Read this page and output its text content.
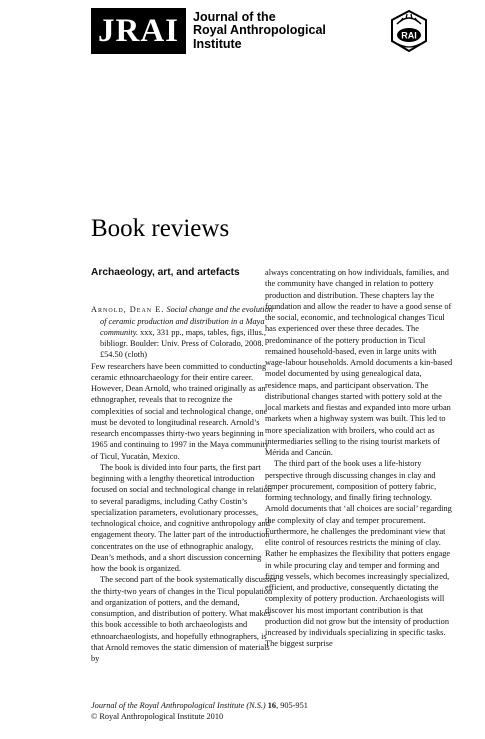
JRAI	Journal of the
Royal Anthropological
Institute
RAI
Book reviews
Archaeology, art, and artefacts

Arnold, Dean E. Social change and the evolution of ceramic production and distribution in a Maya community. xxx, 331 pp., maps, tables, figs, illus., bibliogr. Boulder: Univ. Press of Colorado, 2008. £54.50 (cloth)

Few researchers have been committed to conducting ceramic ethnoarchaeology for their entire career. However, Dean Arnold, who trained originally as an ethnographer, reveals that to recognize the complexities of social and technological change, one must be devoted to longitudinal research. Arnold’s research encompasses thirty-two years beginning in 1965 and continuing to 1997 in the Maya community of Ticul, Yucatán, Mexico.

The book is divided into four parts, the first part beginning with a lengthy theoretical introduction focused on social and technological change in relation to several paradigms, including Cathy Costin’s specialization parameters, evolutionary processes, technological choice, and cognitive anthropology and engagement theory. The latter part of the introduction concentrates on the use of ethnographic analogy, Dean’s methods, and a short discussion concerning how the book is organized.

The second part of the book systematically discusses the thirty-two years of changes in the Ticul population and organization of potters, and the demand, consumption, and distribution of pottery. What makes this book accessible to both archaeologists and ethnoarchaeologists, and hopefully ethnographers, is that Arnold removes the static dimension of materials by

always concentrating on how individuals, families, and the community have changed in relation to pottery production and distribution. These chapters lay the foundation and allow the reader to have a good sense of the social, economic, and technological changes Ticul has experienced over these three decades. The predominance of the pottery production in Ticul remained household-based, even in large units with wage-labour households. Arnold documents a kin-based model documented by using genealogical data, residence maps, and participant observation. The distributional changes started with pottery sold at the local markets and fiestas and expanded into more urban markets when a highway system was built. This led to more specialization with broilers, who could act as intermediaries selling to the rising tourist markets of Mérida and Cancún.

The third part of the book uses a life-history perspective through discussing changes in clay and temper procurement, composition of pottery fabric, forming technology, and finally firing technology. Arnold documents that ‘all choices are social’ regarding the complexity of clay and temper procurement. Furthermore, he challenges the predominant view that elite control of resources restricts the mining of clay. Rather he emphasizes the flexibility that potters engage in while procuring clay and temper and forming and firing vessels, which becomes increasingly specialized, efficient, and productive, consequently dictating the complexity of pottery production. Archaeologists will discover his most important contribution is that production did not grow but the intensity of production increased by individuals specializing in specific tasks. The biggest surprise

Journal of the Royal Anthropological Institute (N.S.) 16, 905-951
© Royal Anthropological Institute 2010
